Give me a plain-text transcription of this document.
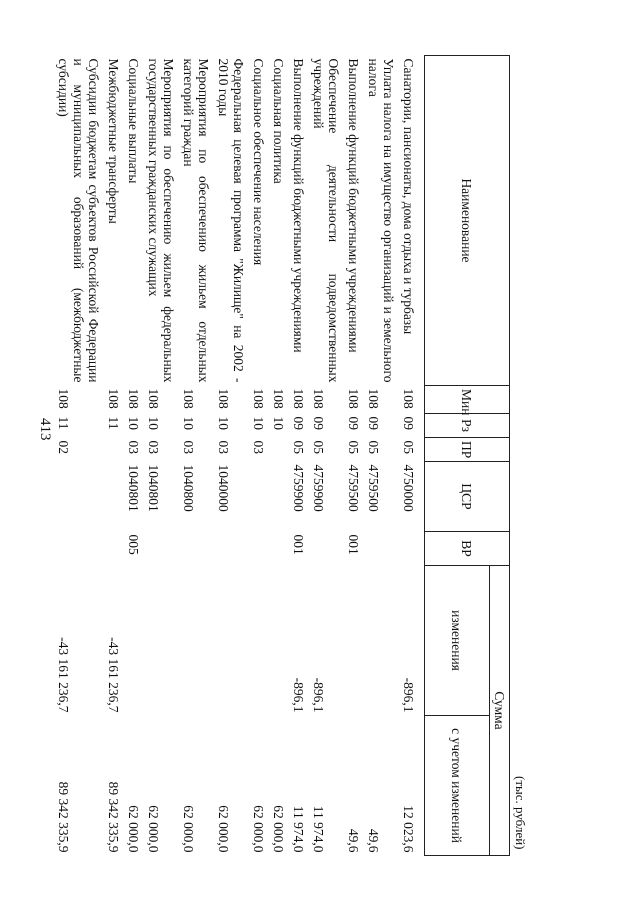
413
(тыс. рублей)
Наименование	Мин	Рз	ПР	ЦСР	ВР	Сумма	
						изменения	с учетом изменений

Санатории, пансионаты, дома отдыха и турбазы	108	09	05	4750000		-896,1	12 023,6
Уплата налога на имущество организаций и земельного налога	108	09	05	4759500			49,6
Выполнение функций бюджетными учреждениями	108	09	05	4759500	001		49,6
Обеспечение деятельности подведомственных учреждений	108	09	05	4759900		-896,1	11 974,0
Выполнение функций бюджетными учреждениями	108	09	05	4759900	001	-896,1	11 974,0
Социальная политика	108	10					62 000,0
Социальное обеспечение населения	108	10	03				62 000,0
Федеральная целевая программа "Жилище" на 2002 - 2010 годы	108	10	03	1040000			62 000,0
Мероприятия по обеспечению жильем отдельных категорий граждан	108	10	03	1040800			62 000,0
Мероприятия по обеспечению жильем федеральных государственных гражданских служащих	108	10	03	1040801			62 000,0
Социальные выплаты	108	10	03	1040801	005		62 000,0
Межбюджетные трансферты	108	11				-43 161 236,7	89 342 335,9
Субсидии бюджетам субъектов Российской Федерации и муниципальных образований (межбюджетные субсидии)	108	11	02			-43 161 236,7	89 342 335,9
